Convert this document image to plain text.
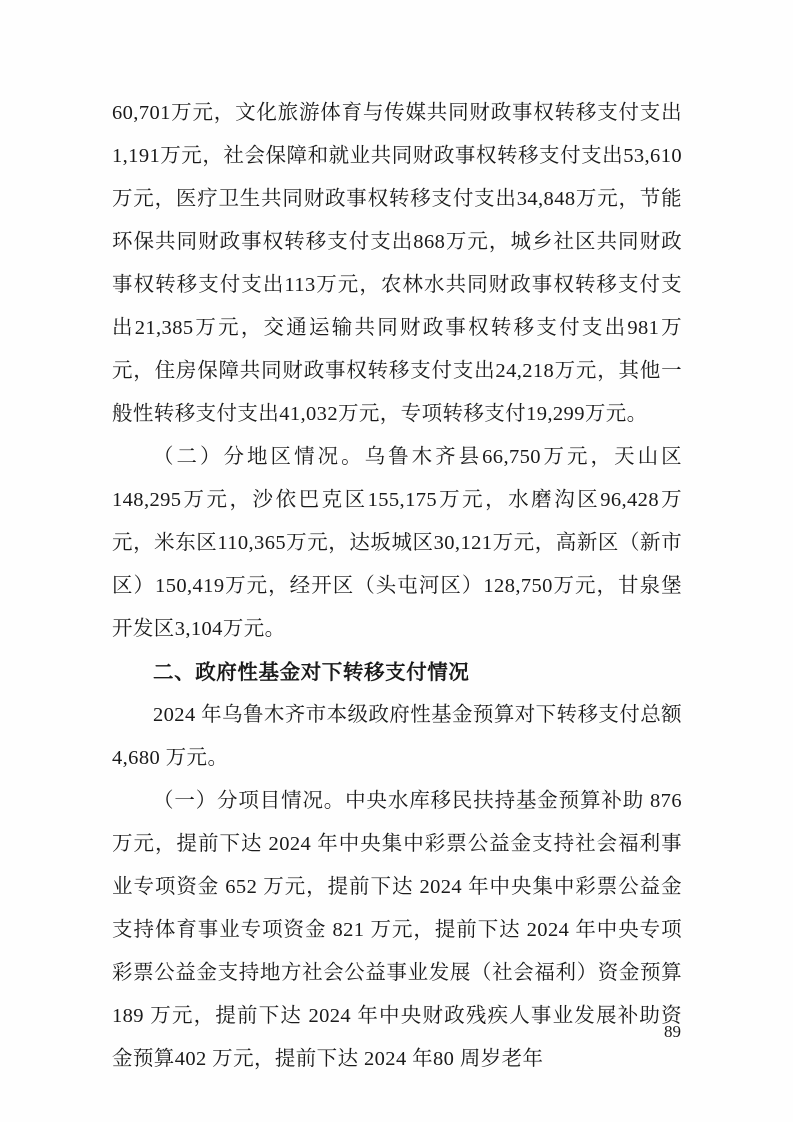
60,701万元，文化旅游体育与传媒共同财政事权转移支付支出1,191万元，社会保障和就业共同财政事权转移支付支出53,610万元，医疗卫生共同财政事权转移支付支出34,848万元，节能环保共同财政事权转移支付支出868万元，城乡社区共同财政事权转移支付支出113万元，农林水共同财政事权转移支付支出21,385万元，交通运输共同财政事权转移支付支出981万元，住房保障共同财政事权转移支付支出24,218万元，其他一般性转移支付支出41,032万元，专项转移支付19,299万元。

（二）分地区情况。乌鲁木齐县66,750万元，天山区148,295万元，沙依巴克区155,175万元，水磨沟区96,428万元，米东区110,365万元，达坂城区30,121万元，高新区（新市区）150,419万元，经开区（头屯河区）128,750万元，甘泉堡开发区3,104万元。

二、政府性基金对下转移支付情况

2024 年乌鲁木齐市本级政府性基金预算对下转移支付总额 4,680 万元。

（一）分项目情况。中央水库移民扶持基金预算补助 876 万元，提前下达 2024 年中央集中彩票公益金支持社会福利事业专项资金 652 万元，提前下达 2024 年中央集中彩票公益金支持体育事业专项资金 821 万元，提前下达 2024 年中央专项彩票公益金支持地方社会公益事业发展（社会福利）资金预算 189 万元，提前下达 2024 年中央财政残疾人事业发展补助资金预算402 万元，提前下达 2024 年80 周岁老年

89
